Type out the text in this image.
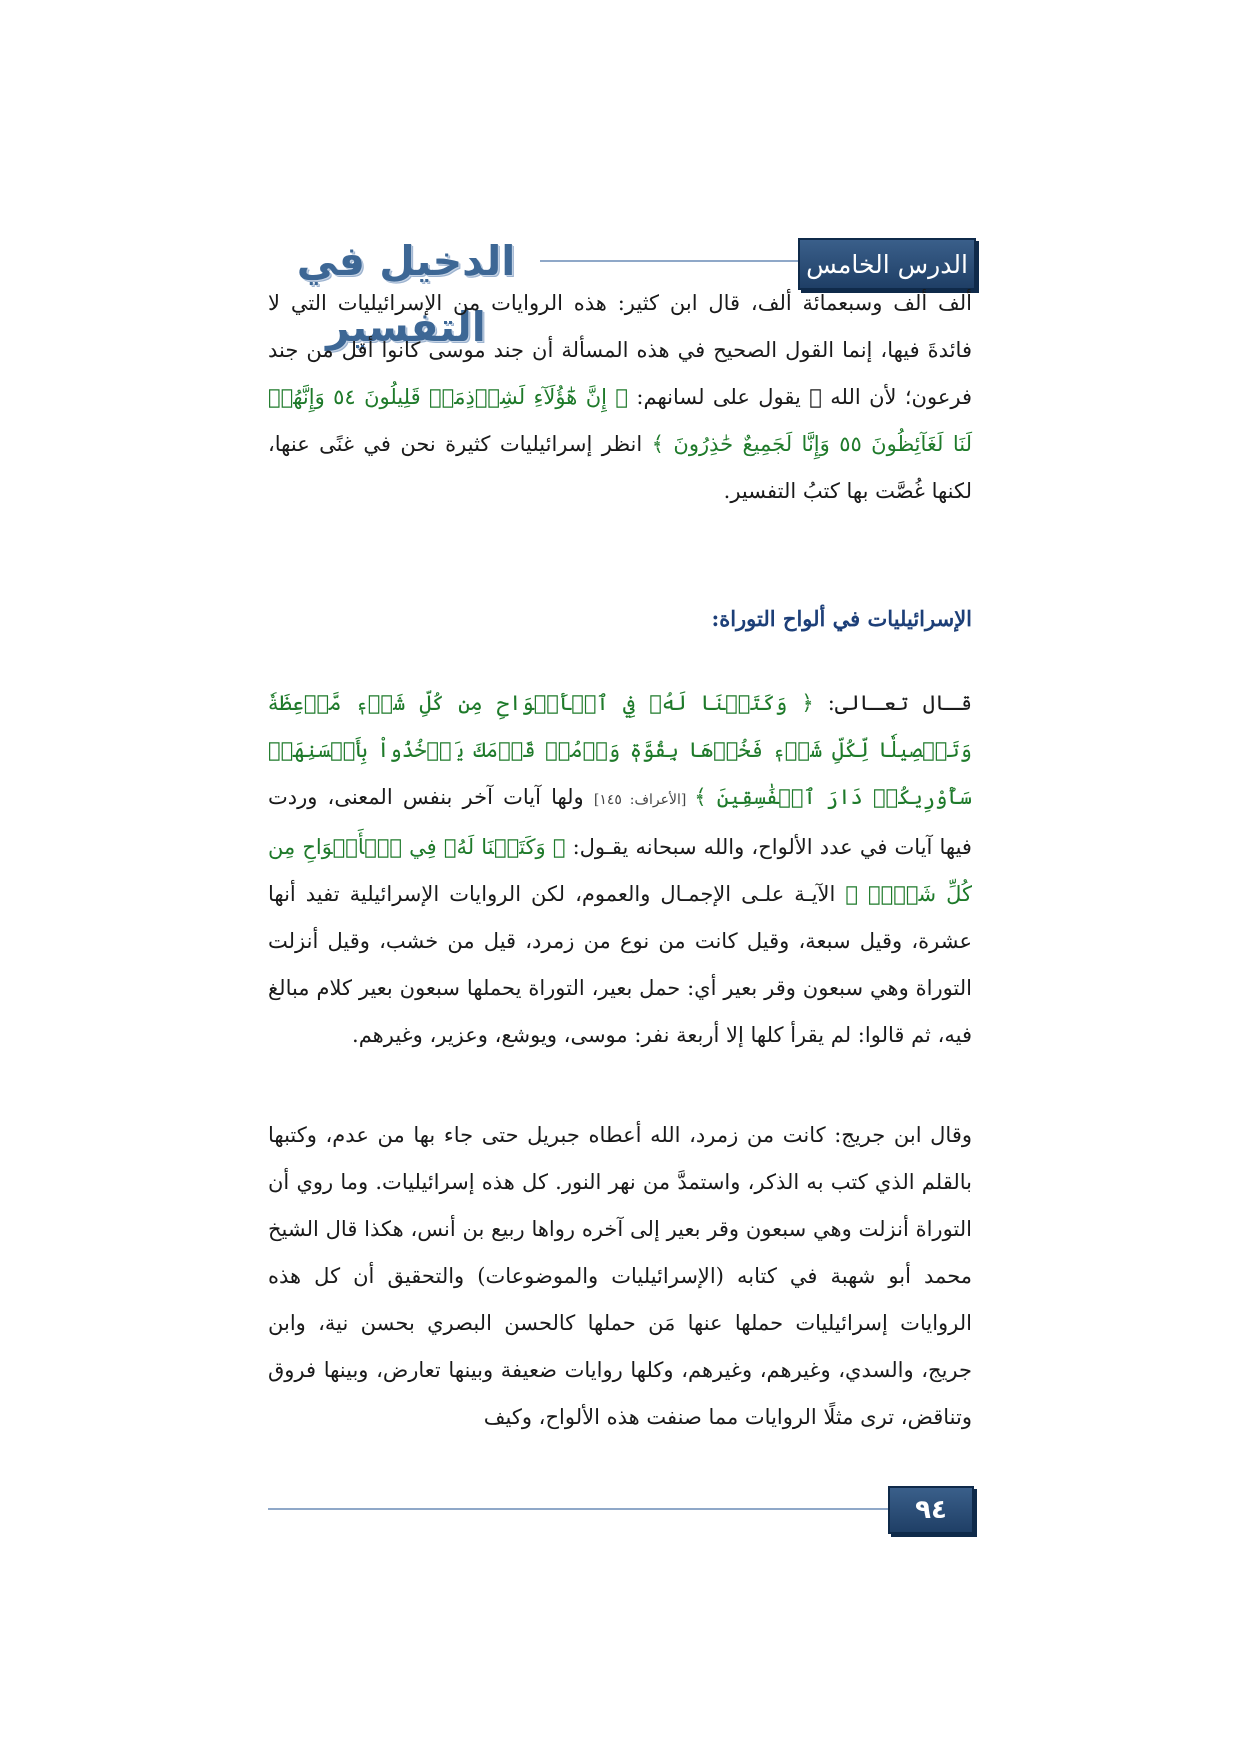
الدخيل في التفسير
الدرس الخامس

ألف ألف وسبعمائة ألف، قال ابن كثير: هذه الروايات من الإسرائيليات التي لا فائدةَ فيها، إنما القول الصحيح في هذه المسألة أن جند موسى كانوا أقل من جند فرعون؛ لأن الله ﷻ يقول على لسانهم: ﴿ إِنَّ هَٰٓؤُلَآءِ لَشِرۡذِمَةٞ قَلِيلُونَ ٥٤ وَإِنَّهُمۡ لَنَا لَغَآئِظُونَ ٥٥ وَإِنَّا لَجَمِيعٌ حَٰذِرُونَ ﴾ انظر إسرائيليات كثيرة نحن في غنًى عنها، لكنها غُصَّت بها كتبُ التفسير.

الإسرائيليات في ألواح التوراة:

قـال تعـالى: ﴿ وَكَتَبۡنَا لَهُۥ فِي ٱلۡأَلۡوَاحِ مِن كُلِّ شَيۡءٖ مَّوۡعِظَةٗ وَتَفۡصِيلٗا لِّكُلِّ شَيۡءٖ فَخُذۡهَا بِقُوَّةٖ وَأۡمُرۡ قَوۡمَكَ يَأۡخُذُواْ بِأَحۡسَنِهَاۚ سَأُوْرِيكُمۡ دَارَ ٱلۡفَٰسِقِينَ ﴾ [الأعراف: ١٤٥] ولها آيات آخر بنفس المعنى، وردت فيها آيات في عدد الألواح، والله سبحانه يقـول: ﴿ وَكَتَبۡنَا لَهُۥ فِي ٱلۡأَلۡوَاحِ مِن كُلِّ شَيۡءٖ ﴾ الآيـة علـى الإجمـال والعموم، لكن الروايات الإسرائيلية تفيد أنها عشرة، وقيل سبعة، وقيل كانت من نوع من زمرد، قيل من خشب، وقيل أنزلت التوراة وهي سبعون وقر بعير أي: حمل بعير، التوراة يحملها سبعون بعير كلام مبالغ فيه، ثم قالوا: لم يقرأ كلها إلا أربعة نفر: موسى، ويوشع، وعزير، وغيرهم.

وقال ابن جريج: كانت من زمرد، الله أعطاه جبريل حتى جاء بها من عدم، وكتبها بالقلم الذي كتب به الذكر، واستمدَّ من نهر النور. كل هذه إسرائيليات. وما روي أن التوراة أنزلت وهي سبعون وقر بعير إلى آخره رواها ربيع بن أنس، هكذا قال الشيخ محمد أبو شهبة في كتابه (الإسرائيليات والموضوعات) والتحقيق أن كل هذه الروايات إسرائيليات حملها عنها مَن حملها كالحسن البصري بحسن نية، وابن جريج، والسدي، وغيرهم، وغيرهم، وكلها روايات ضعيفة وبينها تعارض، وبينها فروق وتناقض، ترى مثلًا الروايات مما صنفت هذه الألواح، وكيف

٩٤
